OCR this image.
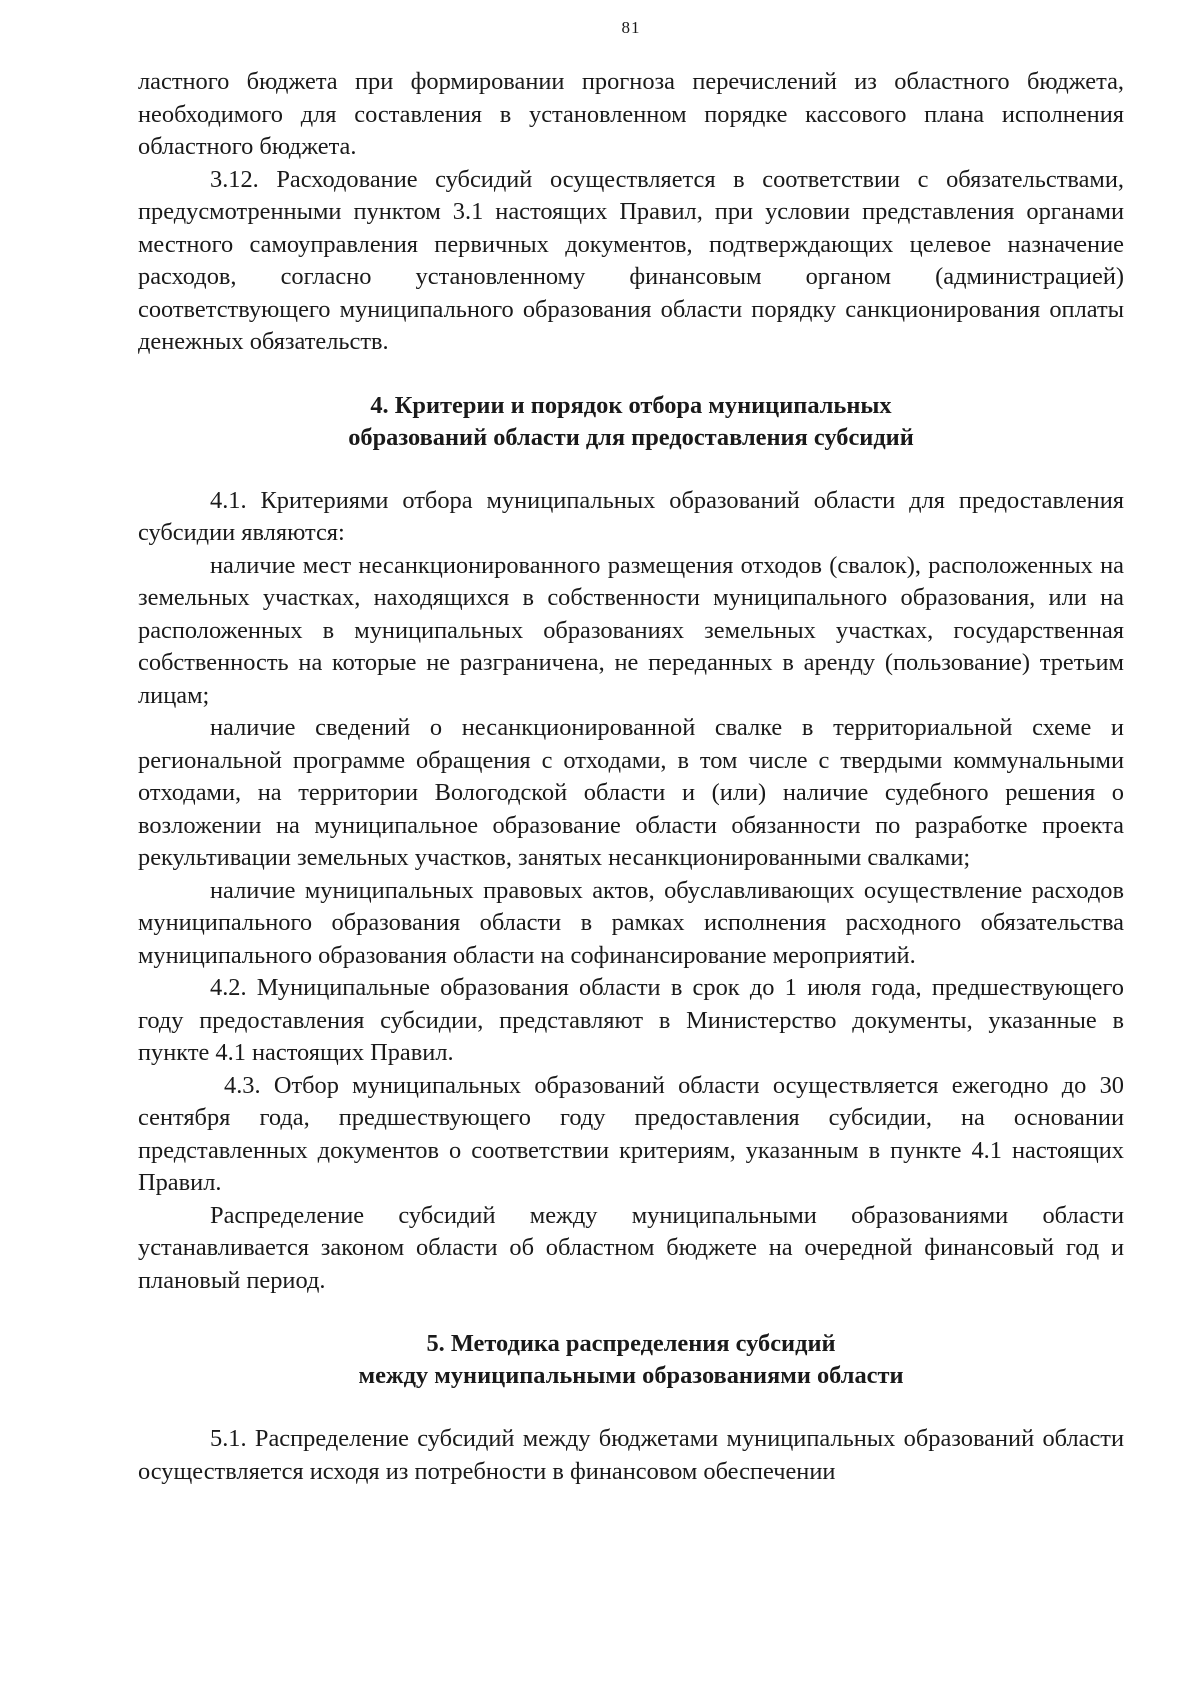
81

ластного бюджета при формировании прогноза перечислений из областного бюджета, необходимого для составления в установленном порядке кассового плана исполнения областного бюджета.

3.12. Расходование субсидий осуществляется в соответствии с обязательствами, предусмотренными пунктом 3.1 настоящих Правил, при условии представления органами местного самоуправления первичных документов, подтверждающих целевое назначение расходов, согласно установленному финансовым органом (администрацией) соответствующего муниципального образования области порядку санкционирования оплаты денежных обязательств.

4. Критерии и порядок отбора муниципальных
образований области для предоставления субсидий

4.1. Критериями отбора муниципальных образований области для предоставления субсидии являются:

наличие мест несанкционированного размещения отходов (свалок), расположенных на земельных участках, находящихся в собственности муниципального образования, или на расположенных в муниципальных образованиях земельных участках, государственная собственность на которые не разграничена, не переданных в аренду (пользование) третьим лицам;

наличие сведений о несанкционированной свалке в территориальной схеме и региональной программе обращения с отходами, в том числе с твердыми коммунальными отходами, на территории Вологодской области и (или) наличие судебного решения о возложении на муниципальное образование области обязанности по разработке проекта рекультивации земельных участков, занятых несанкционированными свалками;

наличие муниципальных правовых актов, обуславливающих осуществление расходов муниципального образования области в рамках исполнения расходного обязательства муниципального образования области на софинансирование мероприятий.

4.2. Муниципальные образования области в срок до 1 июля года, предшествующего году предоставления субсидии, представляют в Министерство документы, указанные в пункте 4.1 настоящих Правил.

4.3. Отбор муниципальных образований области осуществляется ежегодно до 30 сентября года, предшествующего году предоставления субсидии, на основании представленных документов о соответствии критериям, указанным в пункте 4.1 настоящих Правил.

Распределение субсидий между муниципальными образованиями области устанавливается законом области об областном бюджете на очередной финансовый год и плановый период.

5. Методика распределения субсидий
между муниципальными образованиями области

5.1. Распределение субсидий между бюджетами муниципальных образований области осуществляется исходя из потребности в финансовом обеспечении
